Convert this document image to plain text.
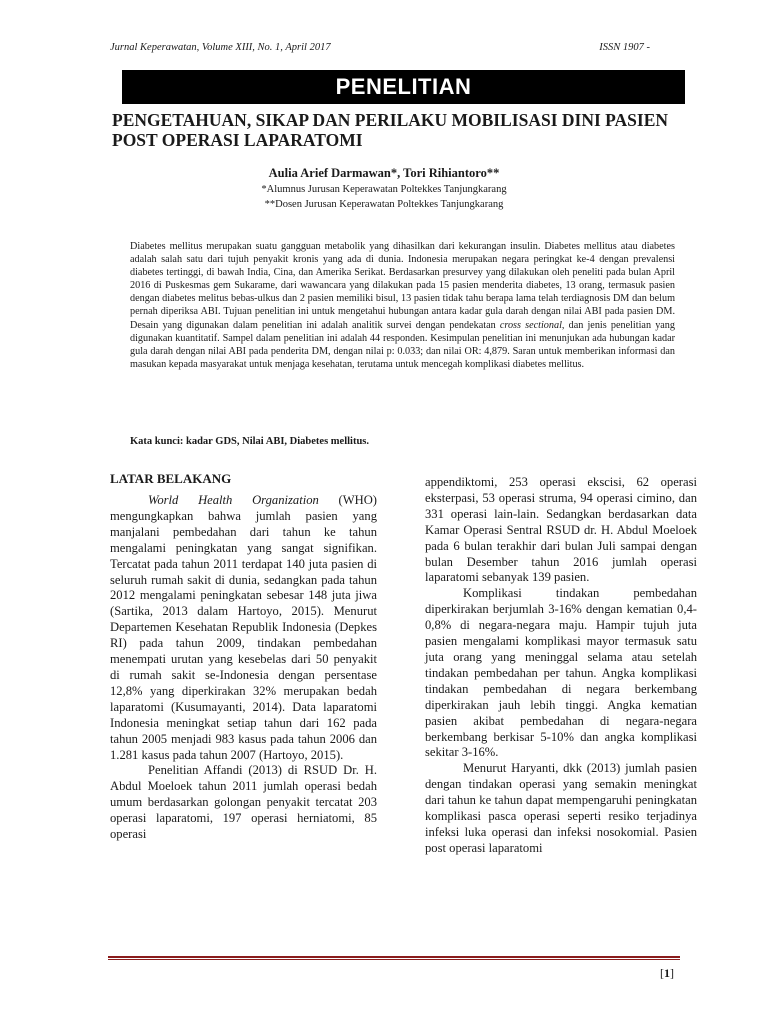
Jurnal Keperawatan, Volume XIII, No. 1, April 2017	ISSN 1907 -
PENELITIAN
PENGETAHUAN, SIKAP DAN PERILAKU MOBILISASI DINI PASIEN POST OPERASI LAPARATOMI
Aulia Arief Darmawan*, Tori Rihiantoro**
*Alumnus Jurusan Keperawatan Poltekkes Tanjungkarang
**Dosen Jurusan Keperawatan Poltekkes Tanjungkarang
Diabetes mellitus merupakan suatu gangguan metabolik yang dihasilkan dari kekurangan insulin. Diabetes mellitus atau diabetes adalah salah satu dari tujuh penyakit kronis yang ada di dunia. Indonesia merupakan negara peringkat ke-4 dengan prevalensi diabetes tertinggi, di bawah India, Cina, dan Amerika Serikat. Berdasarkan presurvey yang dilakukan oleh peneliti pada bulan April 2016 di Puskesmas gem Sukarame, dari wawancara yang dilakukan pada 15 pasien menderita diabetes, 13 orang, termasuk pasien dengan diabetes melitus bebas-ulkus dan 2 pasien memiliki bisul, 13 pasien tidak tahu berapa lama telah terdiagnosis DM dan belum pernah diperiksa ABI. Tujuan penelitian ini untuk mengetahui hubungan antara kadar gula darah dengan nilai ABI pada pasien DM. Desain yang digunakan dalam penelitian ini adalah analitik survei dengan pendekatan cross sectional, dan jenis penelitian yang digunakan kuantitatif. Sampel dalam penelitian ini adalah 44 responden. Kesimpulan penelitian ini menunjukan ada hubungan kadar gula darah dengan nilai ABI pada penderita DM, dengan nilai p: 0.033; dan nilai OR: 4,879. Saran untuk memberikan informasi dan masukan kepada masyarakat untuk menjaga kesehatan, terutama untuk mencegah komplikasi diabetes mellitus.
Kata kunci: kadar GDS, Nilai ABI, Diabetes mellitus.
LATAR BELAKANG

World Health Organization (WHO) mengungkapkan bahwa jumlah pasien yang manjalani pembedahan dari tahun ke tahun mengalami peningkatan yang sangat signifikan. Tercatat pada tahun 2011 terdapat 140 juta pasien di seluruh rumah sakit di dunia, sedangkan pada tahun 2012 mengalami peningkatan sebesar 148 juta jiwa (Sartika, 2013 dalam Hartoyo, 2015). Menurut Departemen Kesehatan Republik Indonesia (Depkes RI) pada tahun 2009, tindakan pembedahan menempati urutan yang kesebelas dari 50 penyakit di rumah sakit se-Indonesia dengan persentase 12,8% yang diperkirakan 32% merupakan bedah laparatomi (Kusumayanti, 2014). Data laparatomi Indonesia meningkat setiap tahun dari 162 pada tahun 2005 menjadi 983 kasus pada tahun 2006 dan 1.281 kasus pada tahun 2007 (Hartoyo, 2015).

Penelitian Affandi (2013) di RSUD Dr. H. Abdul Moeloek tahun 2011 jumlah operasi bedah umum berdasarkan golongan penyakit tercatat 203 operasi laparatomi, 197 operasi herniatomi, 85 operasi

appendiktomi, 253 operasi ekscisi, 62 operasi eksterpasi, 53 operasi struma, 94 operasi cimino, dan 331 operasi lain-lain. Sedangkan berdasarkan data Kamar Operasi Sentral RSUD dr. H. Abdul Moeloek pada 6 bulan terakhir dari bulan Juli sampai dengan bulan Desember tahun 2016 jumlah operasi laparatomi sebanyak 139 pasien.

Komplikasi tindakan pembedahan diperkirakan berjumlah 3-16% dengan kematian 0,4-0,8% di negara-negara maju. Hampir tujuh juta pasien mengalami komplikasi mayor termasuk satu juta orang yang meninggal selama atau setelah tindakan pembedahan per tahun. Angka komplikasi tindakan pembedahan di negara berkembang diperkirakan jauh lebih tinggi. Angka kematian pasien akibat pembedahan di negara-negara berkembang berkisar 5-10% dan angka komplikasi sekitar 3-16%.

Menurut Haryanti, dkk (2013) jumlah pasien dengan tindakan operasi yang semakin meningkat dari tahun ke tahun dapat mempengaruhi peningkatan komplikasi pasca operasi seperti resiko terjadinya infeksi luka operasi dan infeksi nosokomial. Pasien post operasi laparatomi

[1]
